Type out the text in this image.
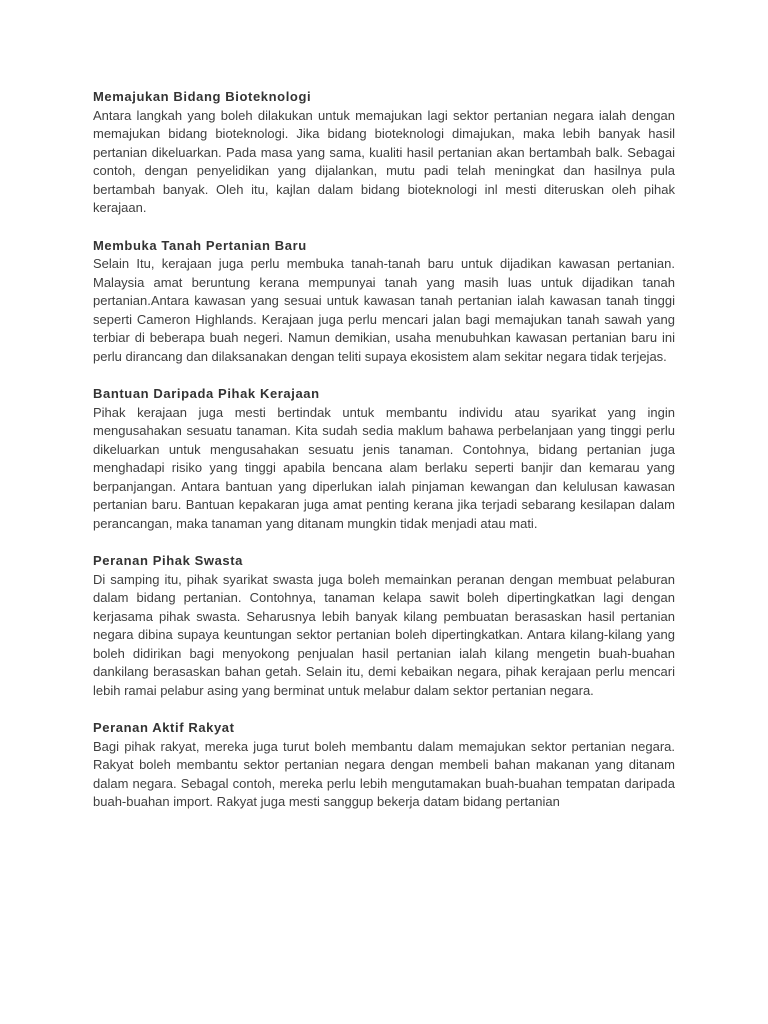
Memajukan Bidang Bioteknologi

Antara langkah yang boleh dilakukan untuk memajukan lagi sektor pertanian negara ialah dengan memajukan bidang bioteknologi. Jika bidang bioteknologi dimajukan, maka lebih banyak hasil pertanian dikeluarkan. Pada masa yang sama, kualiti hasil pertanian akan bertambah balk. Sebagai contoh, dengan penyelidikan yang dijalankan, mutu padi telah meningkat dan hasilnya pula bertambah banyak. Oleh itu, kajlan dalam bidang bioteknologi inl mesti diteruskan oleh pihak kerajaan.

Membuka Tanah Pertanian Baru

Selain Itu, kerajaan juga perlu membuka tanah-tanah baru untuk dijadikan kawasan pertanian. Malaysia amat beruntung kerana mempunyai tanah yang masih luas untuk dijadikan tanah pertanian.Antara kawasan yang sesuai untuk kawasan tanah pertanian ialah kawasan tanah tinggi seperti Cameron Highlands. Kerajaan juga perlu mencari jalan bagi memajukan tanah sawah yang terbiar di beberapa buah negeri. Namun demikian, usaha menubuhkan kawasan pertanian baru ini perlu dirancang dan dilaksanakan dengan teliti supaya ekosistem alam sekitar negara tidak terjejas.

Bantuan Daripada Pihak Kerajaan

Pihak kerajaan juga mesti bertindak untuk membantu individu atau syarikat yang ingin mengusahakan sesuatu tanaman. Kita sudah sedia maklum bahawa perbelanjaan yang tinggi perlu dikeluarkan untuk mengusahakan sesuatu jenis tanaman. Contohnya, bidang pertanian juga menghadapi risiko yang tinggi apabila bencana alam berlaku seperti banjir dan kemarau yang berpanjangan. Antara bantuan yang diperlukan ialah pinjaman kewangan dan kelulusan kawasan pertanian baru. Bantuan kepakaran juga amat penting kerana jika terjadi sebarang kesilapan dalam perancangan, maka tanaman yang ditanam mungkin tidak menjadi atau mati.

Peranan Pihak Swasta

Di samping itu, pihak syarikat swasta juga boleh memainkan peranan dengan membuat pelaburan dalam bidang pertanian. Contohnya, tanaman kelapa sawit boleh dipertingkatkan lagi dengan kerjasama pihak swasta. Seharusnya lebih banyak kilang pembuatan berasaskan hasil pertanian negara dibina supaya keuntungan sektor pertanian boleh dipertingkatkan. Antara kilang-kilang yang boleh didirikan bagi menyokong penjualan hasil pertanian ialah kilang mengetin buah-buahan dankilang berasaskan bahan getah. Selain itu, demi kebaikan negara, pihak kerajaan perlu mencari lebih ramai pelabur asing yang berminat untuk melabur dalam sektor pertanian negara.

Peranan Aktif Rakyat

Bagi pihak rakyat, mereka juga turut boleh membantu dalam memajukan sektor pertanian negara. Rakyat boleh membantu sektor pertanian negara dengan membeli bahan makanan yang ditanam dalam negara. Sebagal contoh, mereka perlu lebih mengutamakan buah-buahan tempatan daripada buah-buahan import. Rakyat juga mesti sanggup bekerja datam bidang pertanian
